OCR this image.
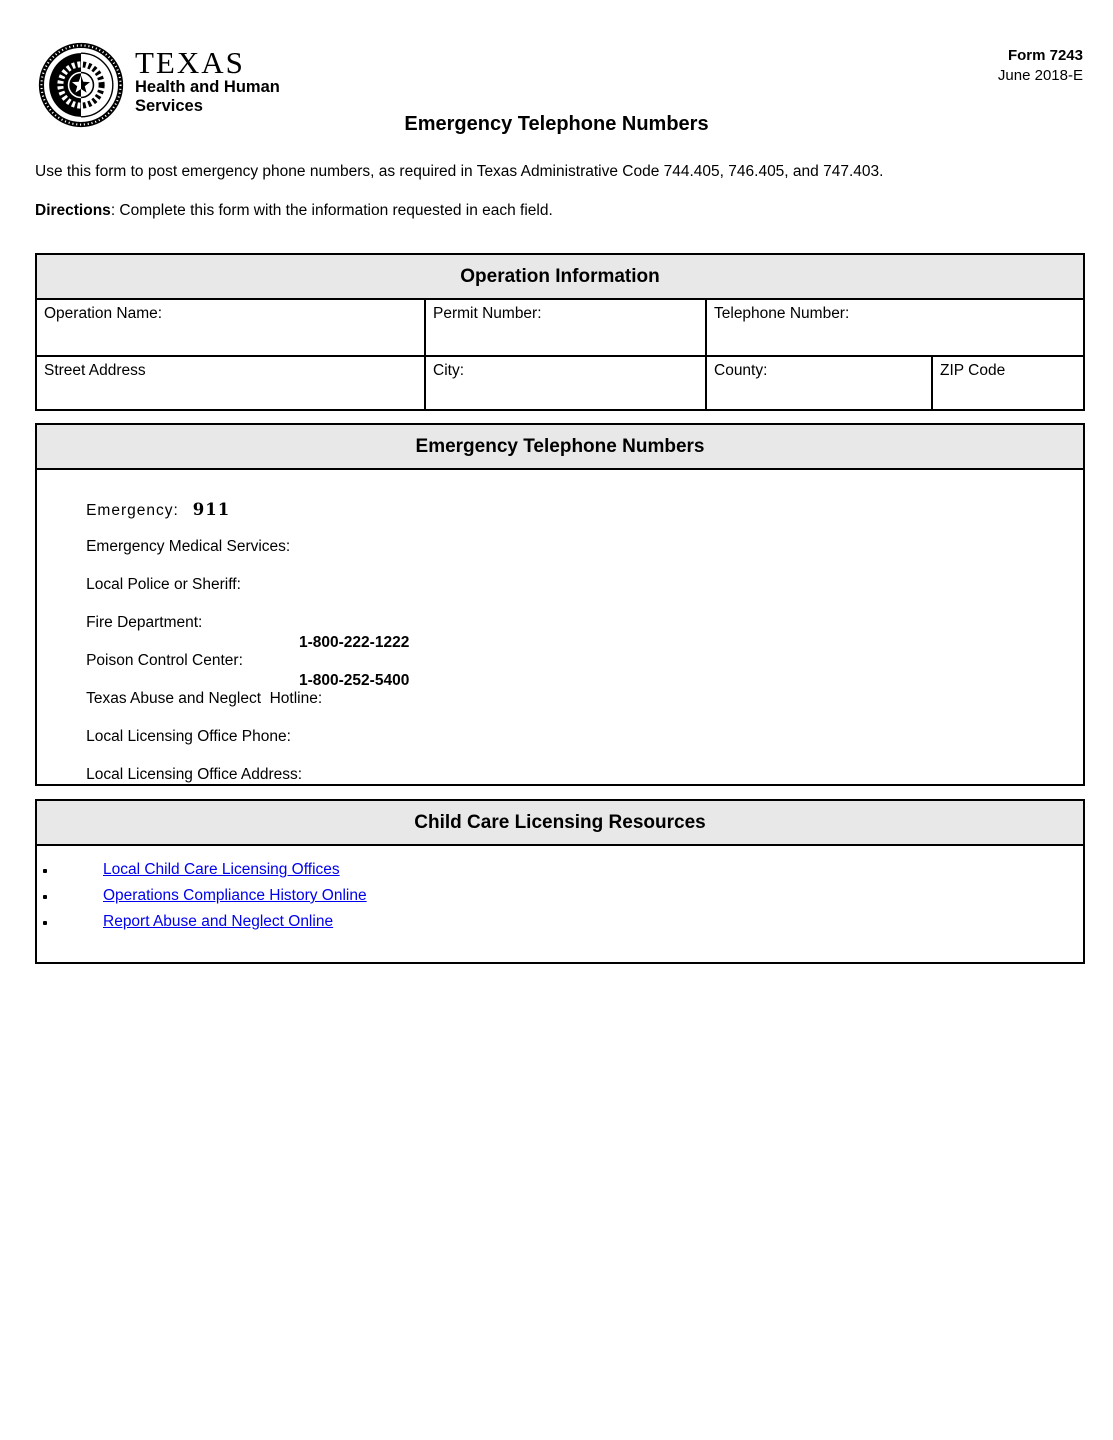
TEXAS
Health and Human
Services
Form 7243
June 2018-E
Emergency Telephone Numbers

Use this form to post emergency phone numbers, as required in Texas Administrative Code 744.405, 746.405, and 747.403.

Directions: Complete this form with the information requested in each field.

Operation Information
Operation Name:	Permit Number:	Telephone Number:
Street Address	City:	County:	ZIP Code
Emergency Telephone Numbers

Emergency: 911

Emergency Medical Services:

Local Police or Sheriff:

Fire Department:

Poison Control Center:

1-800-222-1222

Texas Abuse and Neglect  Hotline:

1-800-252-5400

Local Licensing Office Phone:

Local Licensing Office Address:

Child Care Licensing Resources
Local Child Care Licensing Offices
Operations Compliance History Online
Report Abuse and Neglect Online
